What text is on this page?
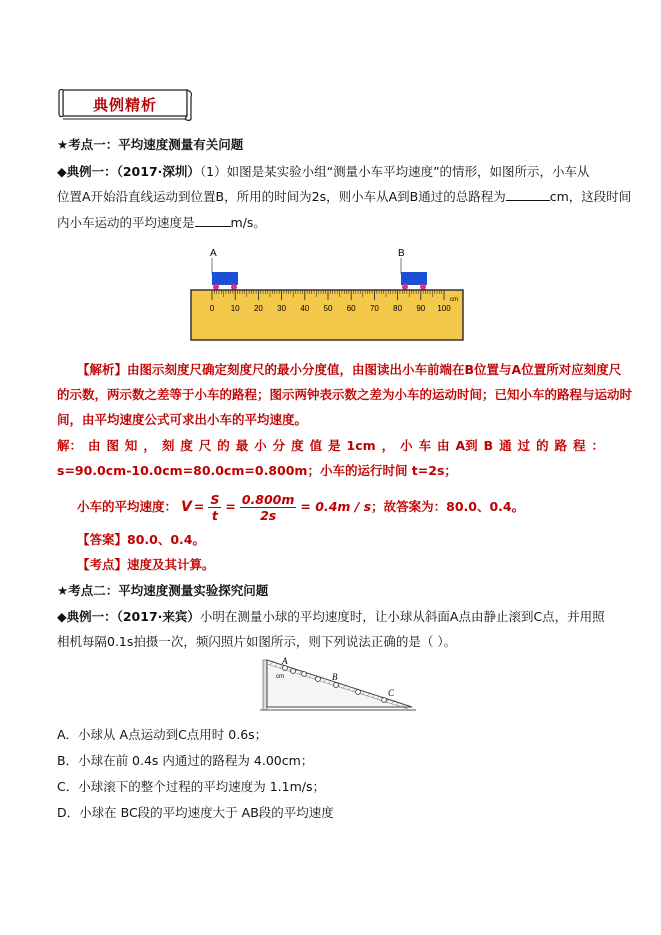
典例精析
★考点一：平均速度测量有关问题
◆典例一：（2017·深圳）（1）如图是某实验小组“测量小车平均速度”的情形，如图所示，小车从
位置A开始沿直线运动到位置B，所用的时间为2s，则小车从A到B通过的总路程为	cm，这段时间
内小车运动的平均速度是	m/s。
A	B
0 10 20 30 40 50 60 70 80 90 100
cm
【解析】由图示刻度尺确定刻度尺的最小分度值，由图读出小车前端在B位置与A位置所对应刻度尺
的示数，两示数之差等于小车的路程；图示两钟表示数之差为小车的运动时间；已知小车的路程与运动时
间，由平均速度公式可求出小车的平均速度。
解： 由 图 知 ， 刻 度 尺 的 最 小 分 度 值 是 1cm ， 小 车 由 A到 B 通 过 的 路 程 ：
s=90.0cm-10.0cm=80.0cm=0.800m；小车的运行时间 t=2s；
小车的平均速度： $V = \frac{S}{t} = \frac{0.800m}{2s} = 0.4m / s$ ；故答案为：80.0、0.4。
【答案】80.0、0.4。
【考点】速度及其计算。
★考点二：平均速度测量实验探究问题
◆典例一：（2017·来宾）小明在测量小球的平均速度时，让小球从斜面A点由静止滚到C点，并用照
相机每隔0.1s拍摄一次，频闪照片如图所示，则下列说法正确的是（ ）。
A
B
C
cm
A．小球从 A点运动到C点用时 0.6s；
B．小球在前 0.4s 内通过的路程为 4.00cm；
C．小球滚下的整个过程的平均速度为 1.1m/s；
D．小球在 BC段的平均速度大于 AB段的平均速度
